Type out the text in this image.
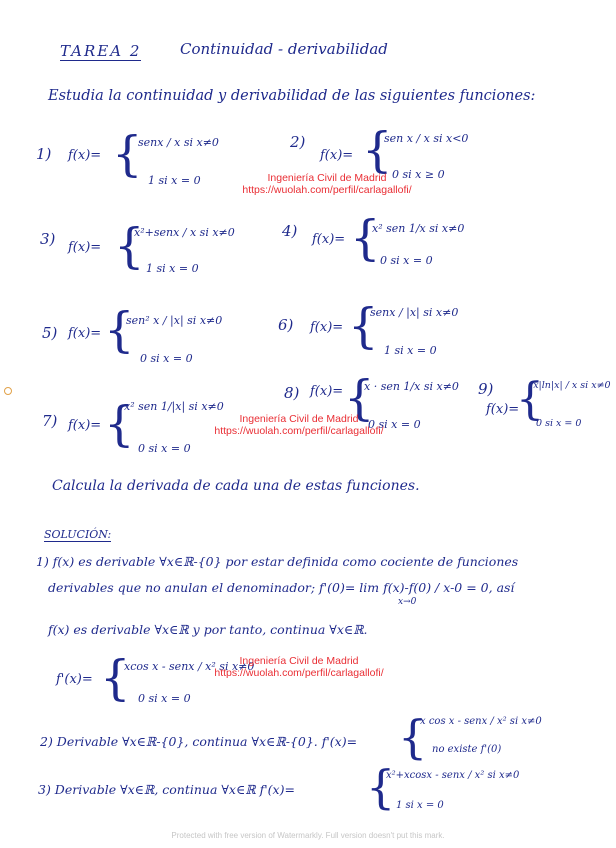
TAREA 2	Continuidad - derivabilidad
Estudia la continuidad y derivabilidad de las siguientes funciones:
1) f(x)= {
senx / x si x≠0
1 si x = 0
2)
f(x)= {
sen x / x si x<0
0 si x ≥ 0
3) f(x)= {
x²+senx / x si x≠0
1 si x = 0
4) f(x)= {
x² sen 1/x si x≠0
0 si x = 0
5) f(x)= {
sen² x / |x| si x≠0
0 si x = 0
6) f(x)= {
senx / |x| si x≠0
1 si x = 0
7) f(x)= {
x² sen 1/|x| si x≠0
0 si x = 0
8) f(x)= {
x · sen 1/x si x≠0
0 si x = 0
9)
f(x)=
{
|x|ln|x| / x si x≠0
0 si x = 0
Calcula la derivada de cada una de estas funciones.
SOLUCIÓN:
1) f(x) es derivable ∀x∈ℝ-{0} por estar definida como cociente de funciones
derivables que no anulan el denominador; f'(0)= lim f(x)-f(0) / x-0 = 0, así
x→0
f(x) es derivable ∀x∈ℝ y por tanto, continua ∀x∈ℝ.
f'(x)= {
xcos x - senx / x² si x≠0
0 si x = 0
2) Derivable ∀x∈ℝ-{0}, continua ∀x∈ℝ-{0}. f'(x)= {
x cos x - senx / x² si x≠0
no existe f'(0)
3) Derivable ∀x∈ℝ, continua ∀x∈ℝ f'(x)= {
x²+xcosx - senx / x² si x≠0
1 si x = 0
Ingeniería Civil de Madrid
https://wuolah.com/perfil/carlagallofi/
Ingeniería Civil de Madrid
https://wuolah.com/perfil/carlagallofi/
Ingeniería Civil de Madrid
https://wuolah.com/perfil/carlagallofi/
Protected with free version of Watermarkly. Full version doesn't put this mark.
